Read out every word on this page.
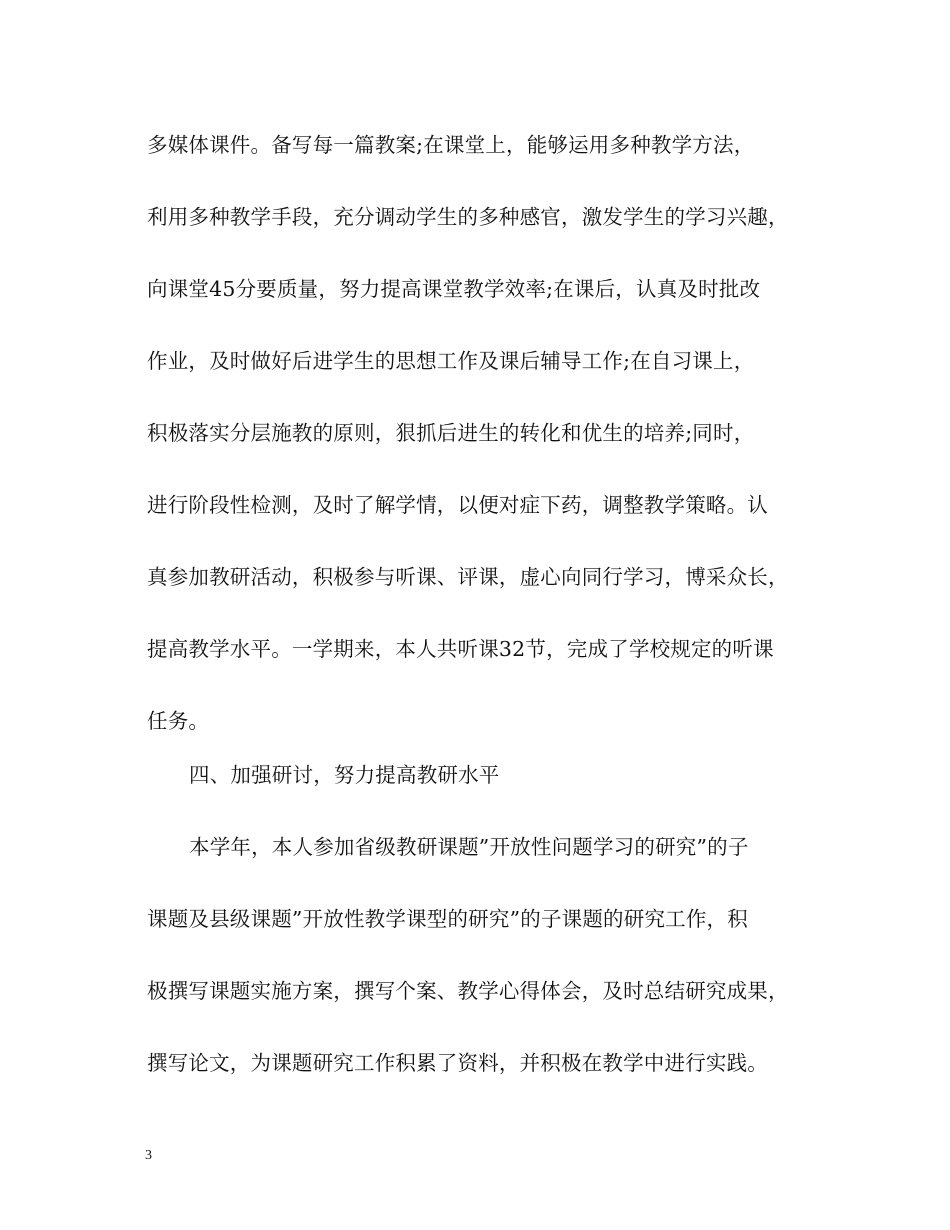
多媒体课件。备写每一篇教案;在课堂上，能够运用多种教学方法，
利用多种教学手段，充分调动学生的多种感官，激发学生的学习兴趣，
向课堂45分要质量，努力提高课堂教学效率;在课后，认真及时批改
作业，及时做好后进学生的思想工作及课后辅导工作;在自习课上，
积极落实分层施教的原则，狠抓后进生的转化和优生的培养;同时，
进行阶段性检测，及时了解学情，以便对症下药，调整教学策略。认
真参加教研活动，积极参与听课、评课，虚心向同行学习，博采众长，
提高教学水平。一学期来，本人共听课32节，完成了学校规定的听课
任务。
四、加强研讨，努力提高教研水平
本学年，本人参加省级教研课题”开放性问题学习的研究”的子
课题及县级课题”开放性教学课型的研究”的子课题的研究工作，积
极撰写课题实施方案，撰写个案、教学心得体会，及时总结研究成果，
撰写论文，为课题研究工作积累了资料，并积极在教学中进行实践。
3
